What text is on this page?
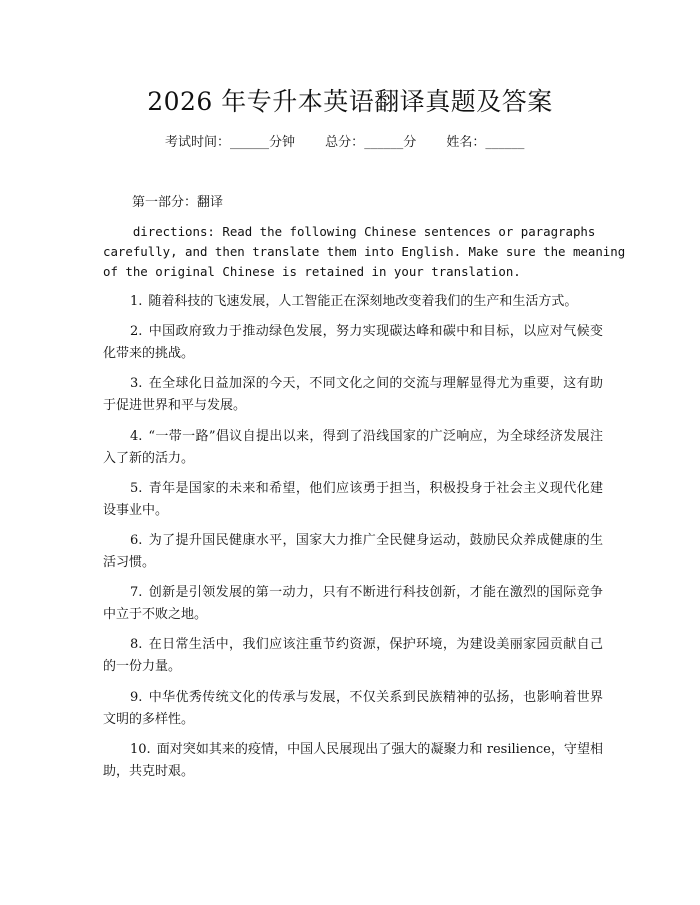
2026 年专升本英语翻译真题及答案
考试时间：______分钟 总分：______分 姓名：______
第一部分：翻译
directions: Read the following Chinese sentences or paragraphs
carefully, and then translate them into English. Make sure the meaning
of the original Chinese is retained in your translation.
1. 随着科技的飞速发展，人工智能正在深刻地改变着我们的生产和生活方式。
2. 中国政府致力于推动绿色发展，努力实现碳达峰和碳中和目标，以应对气候变化带来的挑战。
3. 在全球化日益加深的今天，不同文化之间的交流与理解显得尤为重要，这有助于促进世界和平与发展。
4. “一带一路”倡议自提出以来，得到了沿线国家的广泛响应，为全球经济发展注入了新的活力。
5. 青年是国家的未来和希望，他们应该勇于担当，积极投身于社会主义现代化建设事业中。
6. 为了提升国民健康水平，国家大力推广全民健身运动，鼓励民众养成健康的生活习惯。
7. 创新是引领发展的第一动力，只有不断进行科技创新，才能在激烈的国际竞争中立于不败之地。
8. 在日常生活中，我们应该注重节约资源，保护环境，为建设美丽家园贡献自己的一份力量。
9. 中华优秀传统文化的传承与发展，不仅关系到民族精神的弘扬，也影响着世界文明的多样性。
10. 面对突如其来的疫情，中国人民展现出了强大的凝聚力和 resilience，守望相助，共克时艰。
